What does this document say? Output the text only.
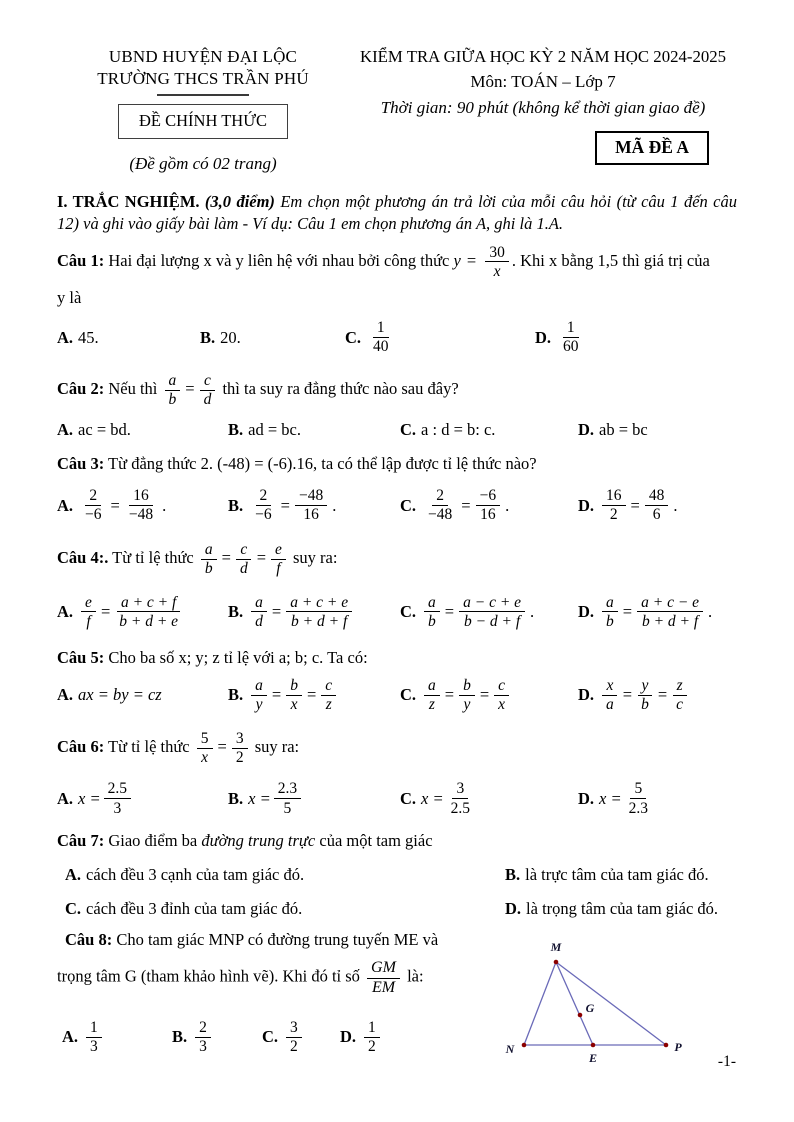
UBND HUYỆN ĐẠI LỘC
TRƯỜNG THCS TRẦN PHÚ
ĐỀ CHÍNH THỨC
(Đề gồm có 02 trang)
KIỂM TRA GIỮA HỌC KỲ 2 NĂM HỌC 2024-2025
Môn: TOÁN – Lớp 7
Thời gian: 90 phút (không kể thời gian giao đề)
MÃ ĐỀ A
I. TRẮC NGHIỆM. (3,0 điểm) Em chọn một phương án trả lời của mỗi câu hỏi (từ câu 1 đến câu 12) và ghi vào giấy bài làm - Ví dụ: Câu 1 em chọn phương án A, ghi là 1.A.
Câu 1: Hai đại lượng x và y liên hệ với nhau bởi công thức $y = \frac{30}{x}$ . Khi x bằng 1,5 thì giá trị của
y là
A. 45.	B. 20.	C. $\frac{1}{40}$	D. $\frac{1}{60}$
Câu 2: Nếu thì $\frac{a}{b} = \frac{c}{d}$ thì ta suy ra đẳng thức nào sau đây?
A. ac = bd.	B. ad = bc.	C. a : d = b: c.	D. ab = bc
Câu 3: Từ đẳng thức 2. (-48) = (-6).16, ta có thể lập được tỉ lệ thức nào?
A. $\frac{2}{-6} = \frac{16}{-48}$ .	B. $\frac{2}{-6} = \frac{-48}{16}$ .	C. $\frac{2}{-48} = \frac{-6}{16}$ .	D. $\frac{16}{2} = \frac{48}{6}$ .
Câu 4:. Từ tỉ lệ thức $\frac{a}{b} = \frac{c}{d} = \frac{e}{f}$ suy ra:
A. $\frac{e}{f} = \frac{a + c + f}{b + d + e}$	B. $\frac{a}{d} = \frac{a + c + e}{b + d + f}$	C. $\frac{a}{b} = \frac{a - c + e}{b - d + f}$ .	D. $\frac{a}{b} = \frac{a + c - e}{b + d + f}$ .
Câu 5: Cho ba số x; y; z tỉ lệ với a; b; c. Ta có:
A. ax = by = cz	B. $\frac{a}{y} = \frac{b}{x} = \frac{c}{z}$	C. $\frac{a}{z} = \frac{b}{y} = \frac{c}{x}$	D. $\frac{x}{a} = \frac{y}{b} = \frac{z}{c}$
Câu 6: Từ tỉ lệ thức $\frac{5}{x} = \frac{3}{2}$ suy ra:
A. $x = \frac{2.5}{3}$	B. $x = \frac{2.3}{5}$	C. $x = \frac{3}{2.5}$	D. $x = \frac{5}{2.3}$
Câu 7: Giao điểm ba đường trung trực của một tam giác
A. cách đều 3 cạnh của tam giác đó.	B. là trực tâm của tam giác đó.
C. cách đều 3 đỉnh của tam giác đó.	D. là trọng tâm của tam giác đó.
Câu 8: Cho tam giác MNP có đường trung tuyến ME và
trọng tâm G (tham khảo hình vẽ). Khi đó tỉ số $\frac{GM}{EM}$ là:
A. $\frac{1}{3}$	B. $\frac{2}{3}$	C. $\frac{3}{2} D$. $\frac{1}{2}$
M
N
E
P
G
-1-
